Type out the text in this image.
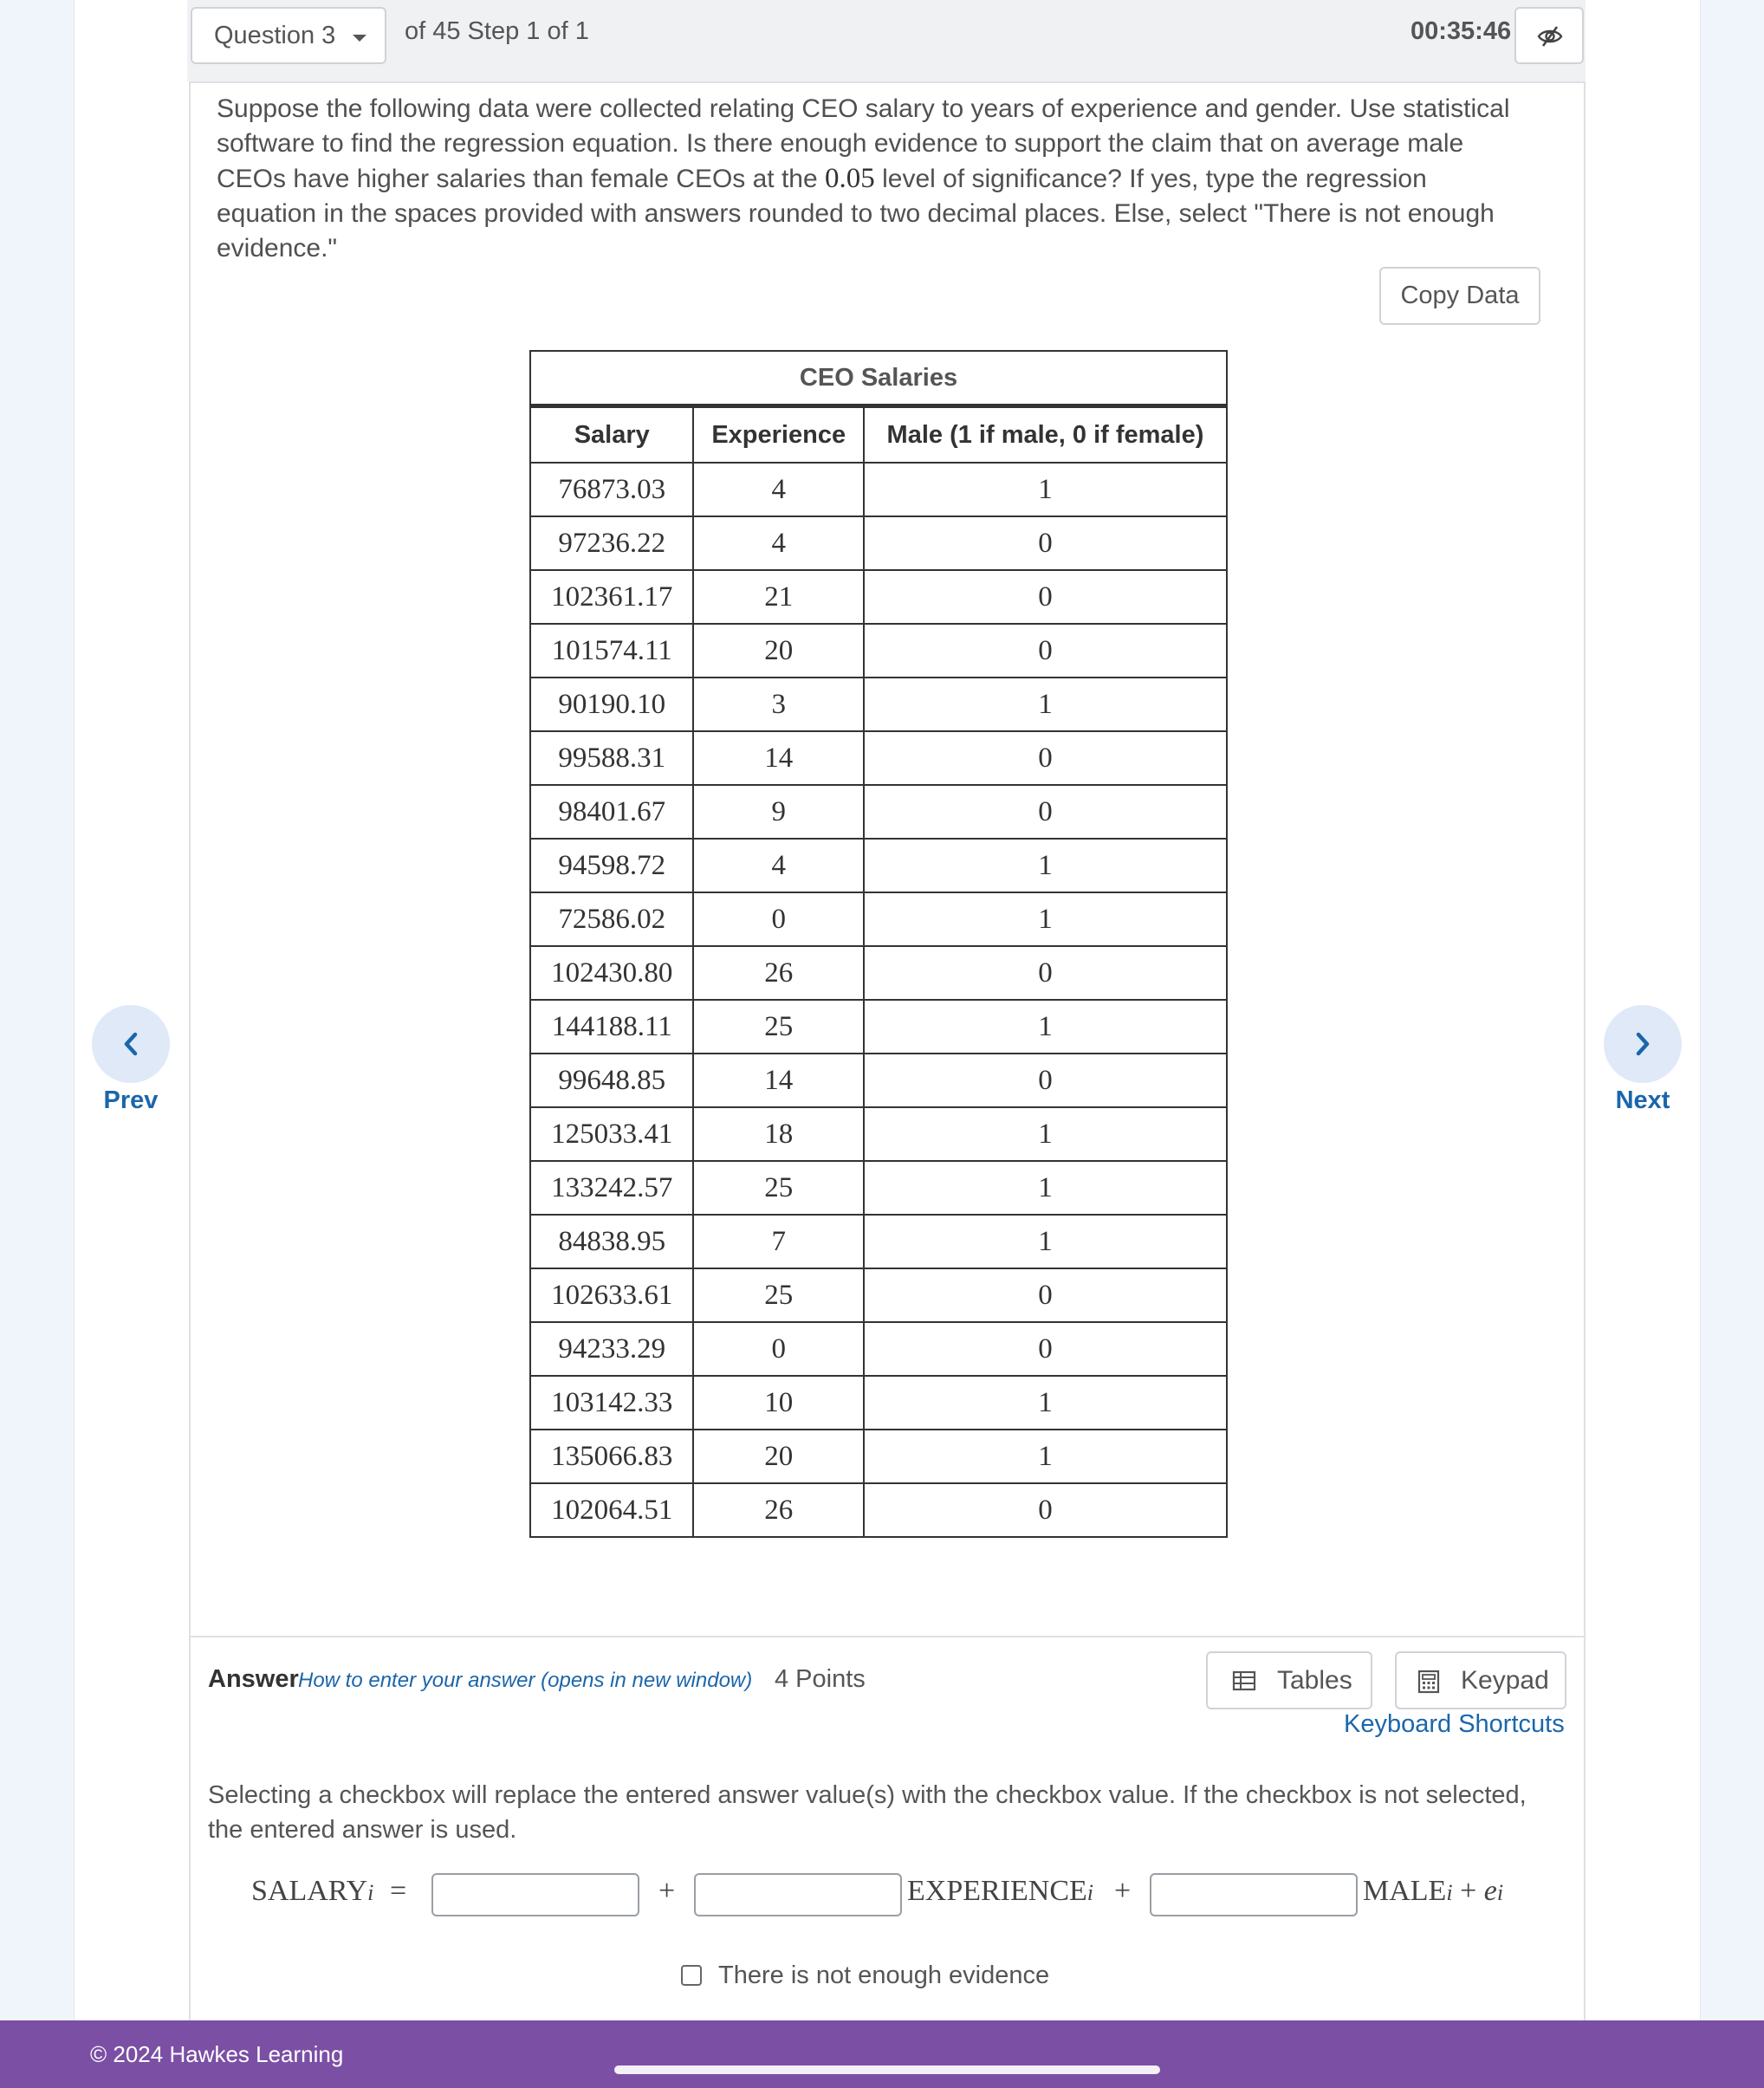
Question 3	of 45 Step 1 of 1	00:35:46

Suppose the following data were collected relating CEO salary to years of experience and gender. Use statistical software to find the regression equation. Is there enough evidence to support the claim that on average male CEOs have higher salaries than female CEOs at the 0.05 level of significance? If yes, type the regression equation in the spaces provided with answers rounded to two decimal places. Else, select "There is not enough evidence."

Copy Data
CEO Salaries
Salary	Experience	Male (1 if male, 0 if female)
76873.03	4	1
97236.22	4	0
102361.17	21	0
101574.11	20	0
90190.10	3	1
99588.31	14	0
98401.67	9	0
94598.72	4	1
72586.02	0	1
102430.80	26	0
144188.11	25	1
99648.85	14	0
125033.41	18	1
133242.57	25	1
84838.95	7	1
102633.61	25	0
94233.29	0	0
103142.33	10	1
135066.83	20	1
102064.51	26	0
Prev	Next
Answer How to enter your answer (opens in new window) 4 Points	Tables	Keypad
Keyboard Shortcuts

Selecting a checkbox will replace the entered answer value(s) with the checkbox value. If the checkbox is not selected, the entered answer is used.

SALARYi =	+	EXPERIENCEi +	MALEi + ei
There is not enough evidence
© 2024 Hawkes Learning
